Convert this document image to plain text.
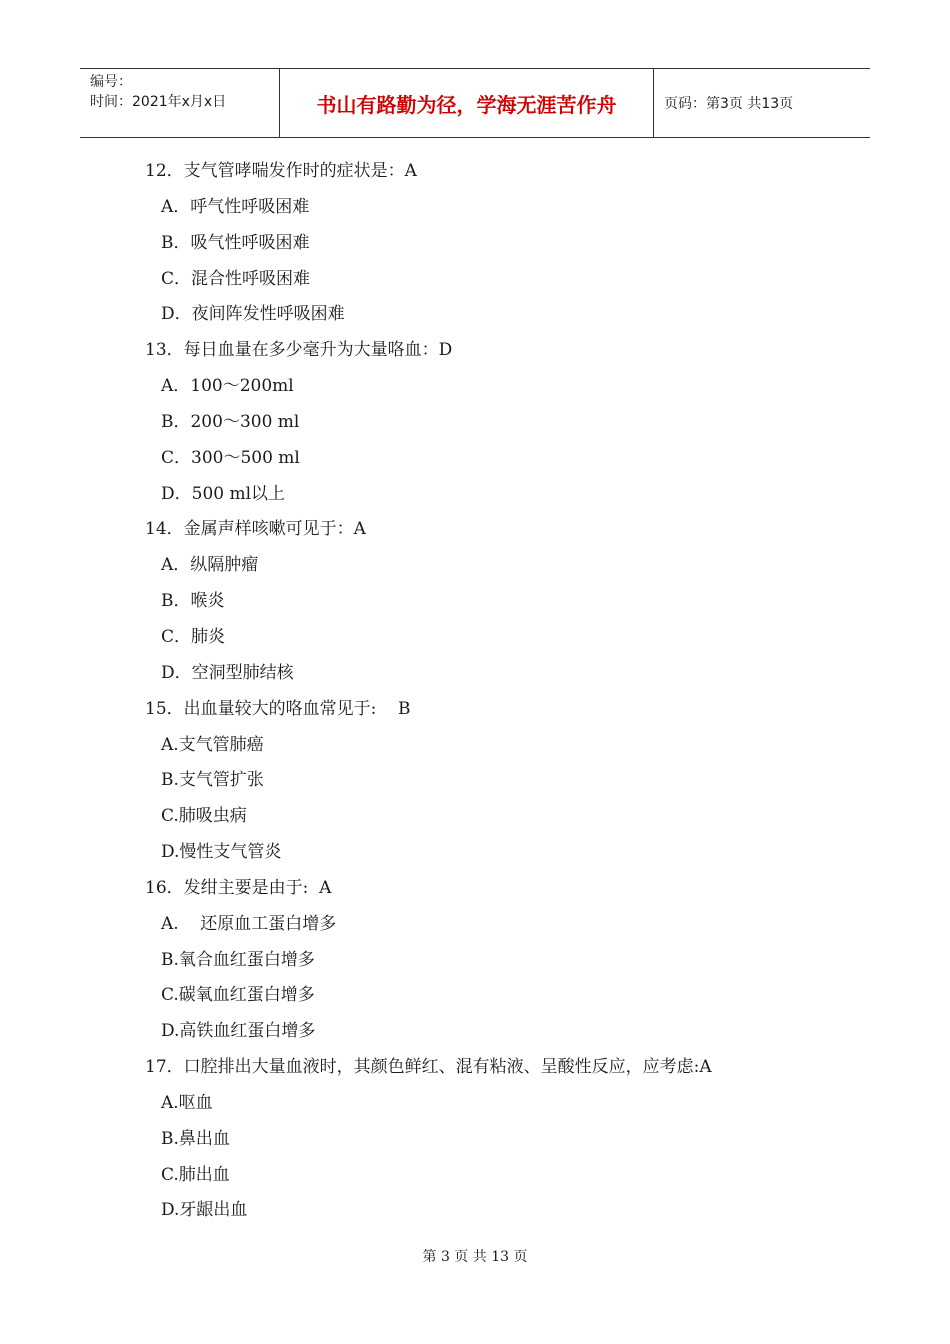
编号：
时间：2021年x月x日	书山有路勤为径，学海无涯苦作舟	页码：第3页 共13页
12．支气管哮喘发作时的症状是：A
A．呼气性呼吸困难
B．吸气性呼吸困难
C．混合性呼吸困难
D．夜间阵发性呼吸困难
13．每日血量在多少毫升为大量咯血：D
A．100～200ml
B．200～300 ml
C．300～500 ml
D．500 ml以上
14．金属声样咳嗽可见于：A
A．纵隔肿瘤
B．喉炎
C．肺炎
D．空洞型肺结核
15．出血量较大的咯血常见于:    B
A.支气管肺癌
B.支气管扩张
C.肺吸虫病
D.慢性支气管炎
16．发绀主要是由于:  A
A.    还原血工蛋白增多
B.氧合血红蛋白增多
C.碳氧血红蛋白增多
D.高铁血红蛋白增多
17．口腔排出大量血液时，其颜色鲜红、混有粘液、呈酸性反应，应考虑:A
A.呕血
B.鼻出血
C.肺出血
D.牙龈出血
第 3 页 共 13 页
